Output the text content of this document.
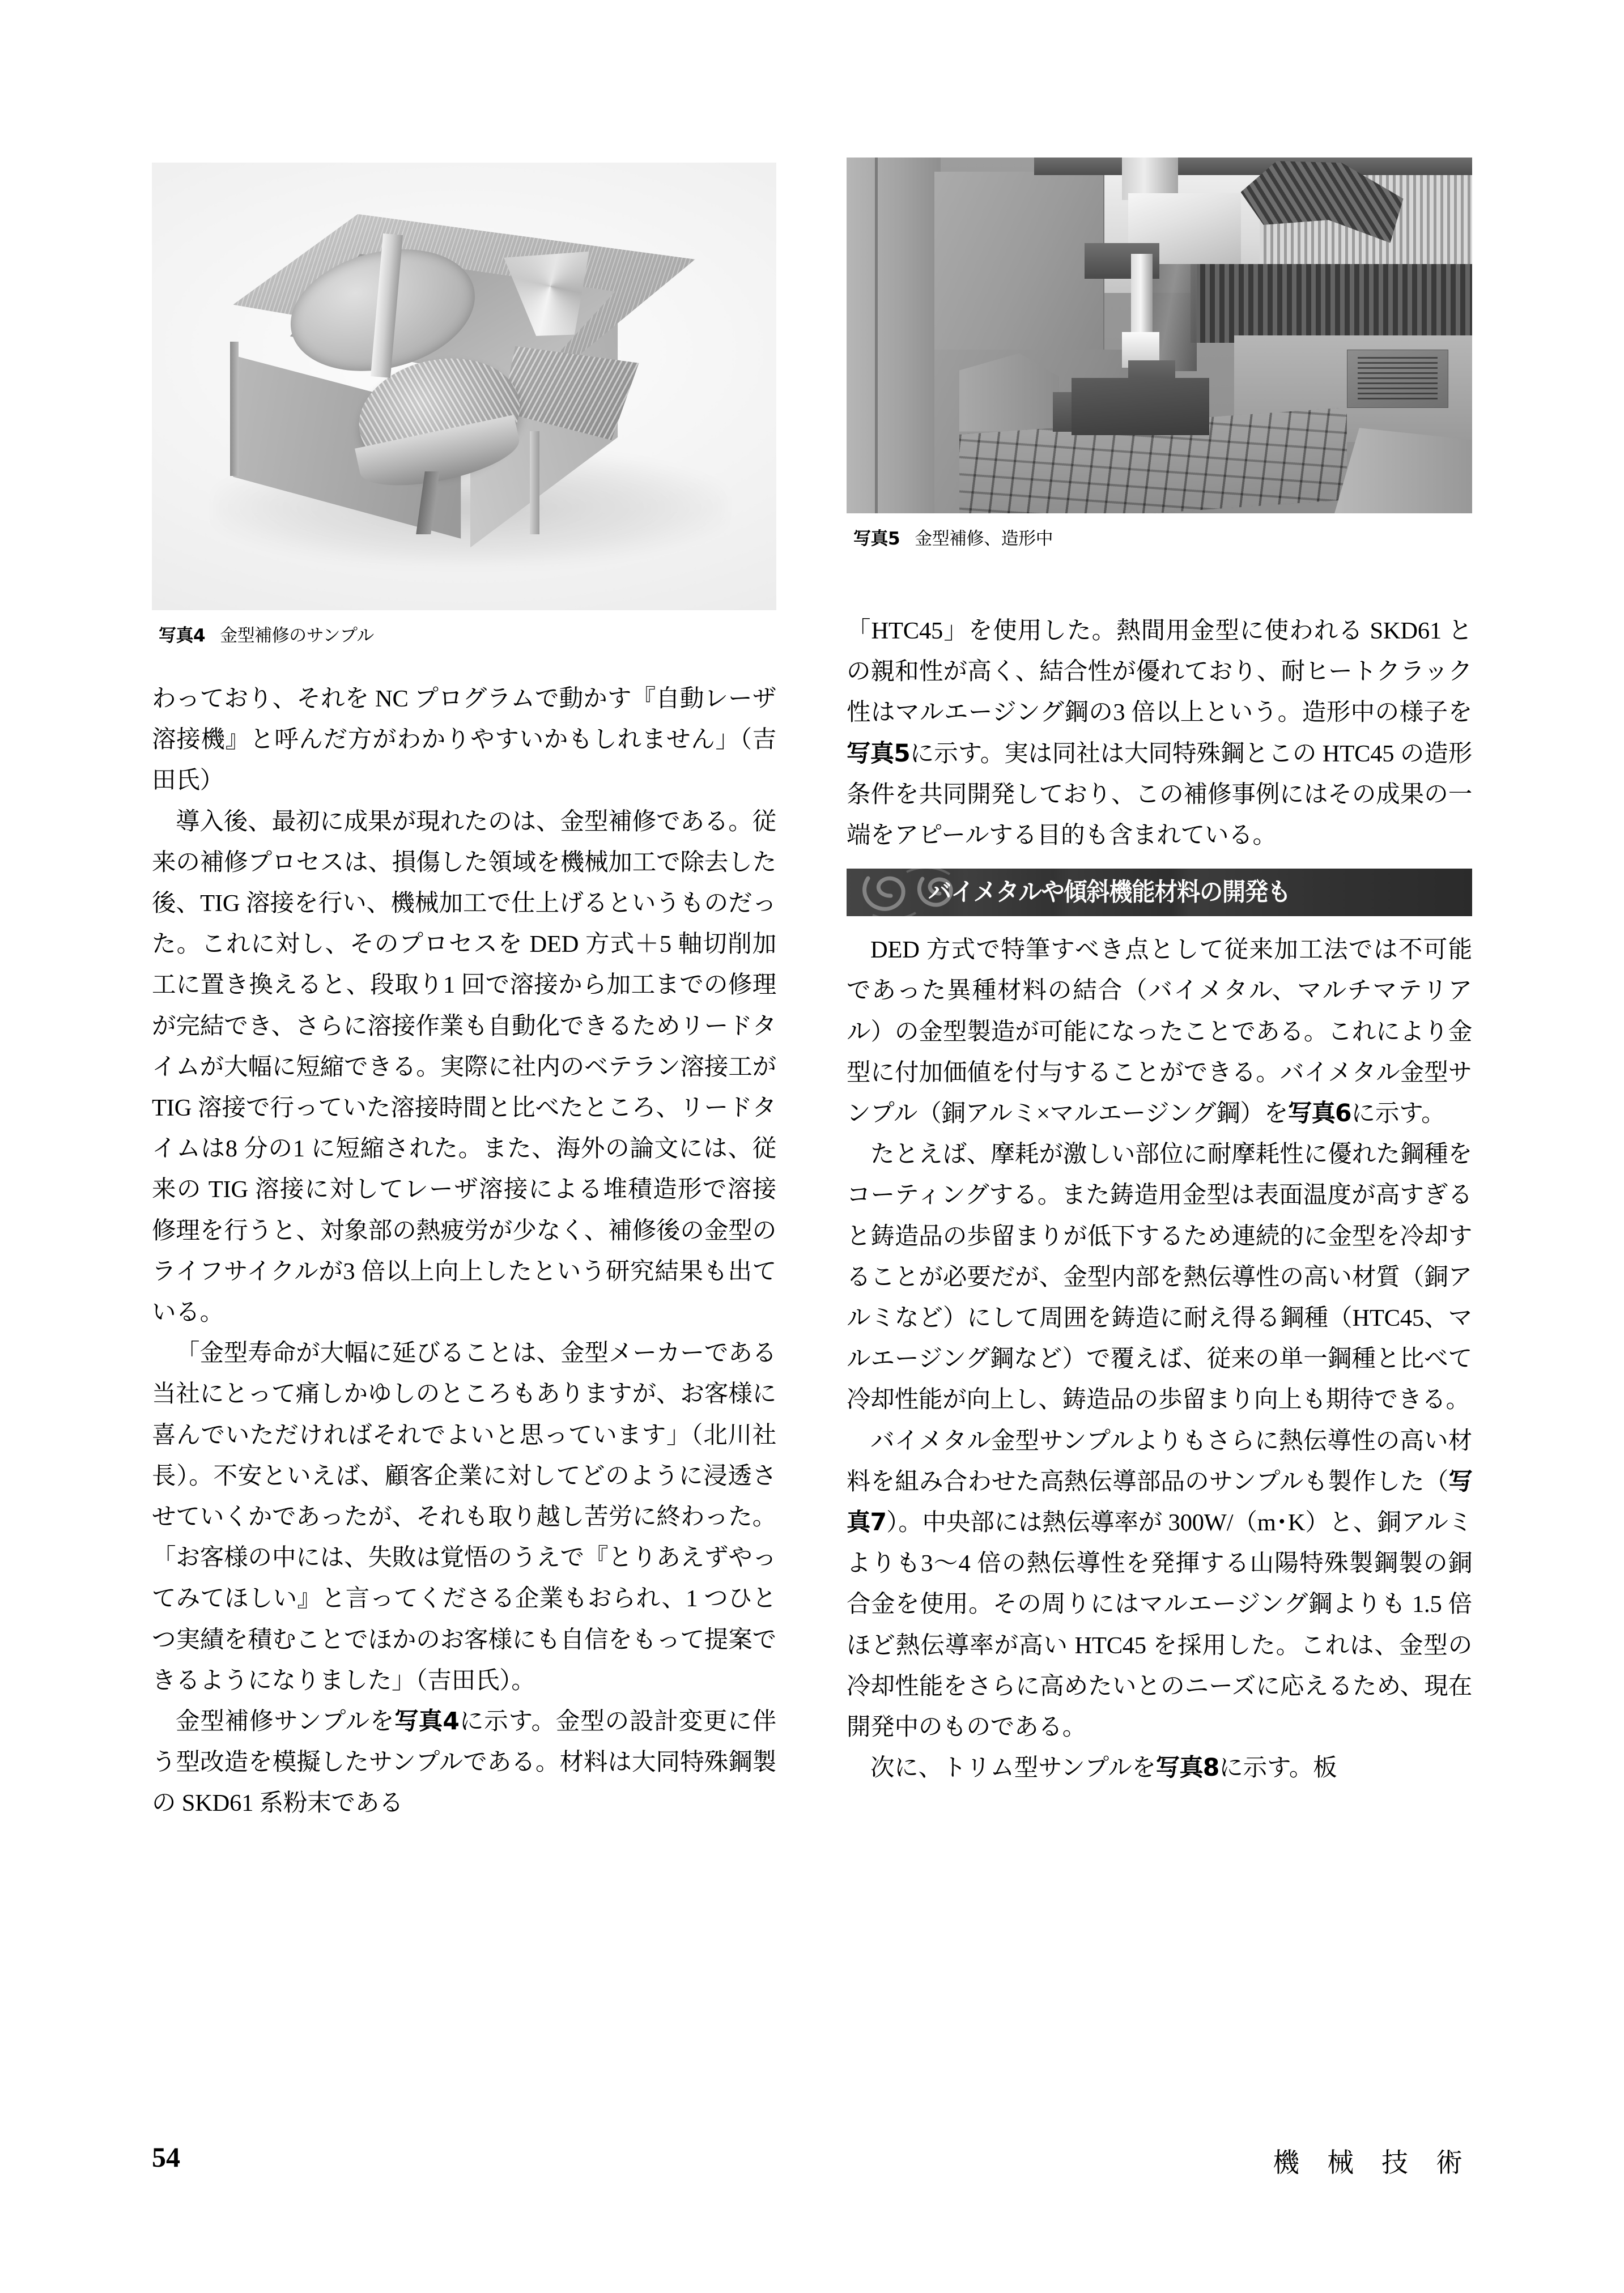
写真4 金型補修のサンプル
写真5 金型補修、造形中

わっており、それを NC プログラムで動かす『自動レーザ溶接機』と呼んだ方がわかりやすいかもしれません」（吉田氏）

導入後、最初に成果が現れたのは、金型補修である。従来の補修プロセスは、損傷した領域を機械加工で除去した後、TIG 溶接を行い、機械加工で仕上げるというものだった。これに対し、そのプロセスを DED 方式＋5 軸切削加工に置き換えると、段取り1 回で溶接から加工までの修理が完結でき、さらに溶接作業も自動化できるためリードタイムが大幅に短縮できる。実際に社内のベテラン溶接工が TIG 溶接で行っていた溶接時間と比べたところ、リードタイムは8 分の1 に短縮された。また、海外の論文には、従来の TIG 溶接に対してレーザ溶接による堆積造形で溶接修理を行うと、対象部の熱疲労が少なく、補修後の金型のライフサイクルが3 倍以上向上したという研究結果も出ている。

「金型寿命が大幅に延びることは、金型メーカーである当社にとって痛しかゆしのところもありますが、お客様に喜んでいただければそれでよいと思っています」（北川社長）。不安といえば、顧客企業に対してどのように浸透させていくかであったが、それも取り越し苦労に終わった。「お客様の中には、失敗は覚悟のうえで『とりあえずやってみてほしい』と言ってくださる企業もおられ、1 つひとつ実績を積むことでほかのお客様にも自信をもって提案できるようになりました」（吉田氏）。

金型補修サンプルを写真4に示す。金型の設計変更に伴う型改造を模擬したサンプルである。材料は大同特殊鋼製の SKD61 系粉末である

「HTC45」を使用した。熱間用金型に使われる SKD61 との親和性が高く、結合性が優れており、耐ヒートクラック性はマルエージング鋼の3 倍以上という。造形中の様子を写真5に示す。実は同社は大同特殊鋼とこの HTC45 の造形条件を共同開発しており、この補修事例にはその成果の一端をアピールする目的も含まれている。

バイメタルや傾斜機能材料の開発も

DED 方式で特筆すべき点として従来加工法では不可能であった異種材料の結合（バイメタル、マルチマテリアル）の金型製造が可能になったことである。これにより金型に付加価値を付与することができる。バイメタル金型サンプル（銅アルミ×マルエージング鋼）を写真6に示す。

たとえば、摩耗が激しい部位に耐摩耗性に優れた鋼種をコーティングする。また鋳造用金型は表面温度が高すぎると鋳造品の歩留まりが低下するため連続的に金型を冷却することが必要だが、金型内部を熱伝導性の高い材質（銅アルミなど）にして周囲を鋳造に耐え得る鋼種（HTC45、マルエージング鋼など）で覆えば、従来の単一鋼種と比べて冷却性能が向上し、鋳造品の歩留まり向上も期待できる。

バイメタル金型サンプルよりもさらに熱伝導性の高い材料を組み合わせた高熱伝導部品のサンプルも製作した（写真7）。中央部には熱伝導率が 300W/（m･K）と、銅アルミよりも3～4 倍の熱伝導性を発揮する山陽特殊製鋼製の銅合金を使用。その周りにはマルエージング鋼よりも 1.5 倍ほど熱伝導率が高い HTC45 を採用した。これは、金型の冷却性能をさらに高めたいとのニーズに応えるため、現在開発中のものである。

次に、トリム型サンプルを写真8に示す。板

54	機 械 技 術
